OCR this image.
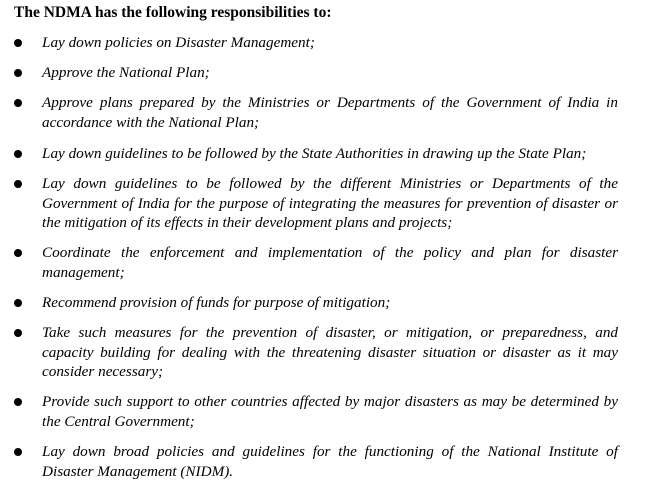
The NDMA has the following responsibilities to:
Lay down policies on Disaster Management;
Approve the National Plan;
Approve plans prepared by the Ministries or Departments of the Government of India in accordance with the National Plan;
Lay down guidelines to be followed by the State Authorities in drawing up the State Plan;
Lay down guidelines to be followed by the different Ministries or Departments of the Government of India for the purpose of integrating the measures for prevention of disaster or the mitigation of its effects in their development plans and projects;
Coordinate the enforcement and implementation of the policy and plan for disaster management;
Recommend provision of funds for purpose of mitigation;
Take such measures for the prevention of disaster, or mitigation, or preparedness, and capacity building for dealing with the threatening disaster situation or disaster as it may consider necessary;
Provide such support to other countries affected by major disasters as may be determined by the Central Government;
Lay down broad policies and guidelines for the functioning of the National Institute of Disaster Management (NIDM).
